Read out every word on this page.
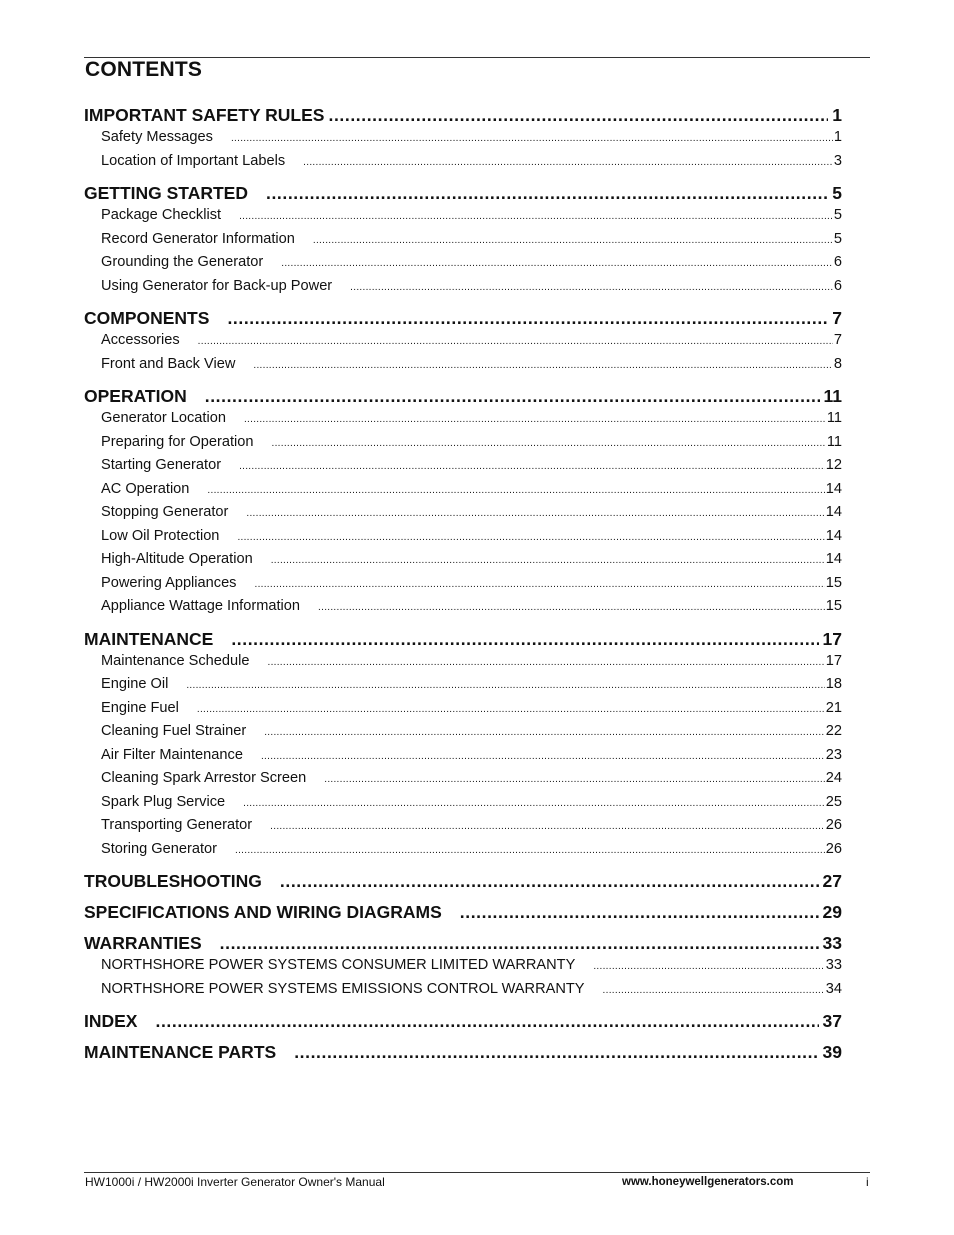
CONTENTS
IMPORTANT SAFETY RULES .....	1
Safety Messages .....	1
Location of Important Labels .....	3
GETTING STARTED .....	5
Package Checklist .....	5
Record Generator Information .....	5
Grounding the Generator .....	6
Using Generator for Back-up Power .....	6
COMPONENTS .....	7
Accessories .....	7
Front and Back View .....	8
OPERATION .....	11
Generator Location .....	11
Preparing for Operation .....	11
Starting Generator .....	12
AC Operation .....	14
Stopping Generator .....	14
Low Oil Protection .....	14
High-Altitude Operation .....	14
Powering Appliances .....	15
Appliance Wattage Information .....	15
MAINTENANCE .....	17
Maintenance Schedule .....	17
Engine Oil .....	18
Engine Fuel .....	21
Cleaning Fuel Strainer .....	22
Air Filter Maintenance .....	23
Cleaning Spark Arrestor Screen .....	24
Spark Plug Service .....	25
Transporting Generator .....	26
Storing Generator .....	26
TROUBLESHOOTING .....	27
SPECIFICATIONS AND WIRING DIAGRAMS .....	29
WARRANTIES .....	33
NORTHSHORE POWER SYSTEMS CONSUMER LIMITED WARRANTY .....	33
NORTHSHORE POWER SYSTEMS EMISSIONS CONTROL WARRANTY .....	34
INDEX .....	37
MAINTENANCE PARTS .....	39
HW1000i / HW2000i Inverter Generator Owner's Manual	www.honeywellgenerators.com	i
